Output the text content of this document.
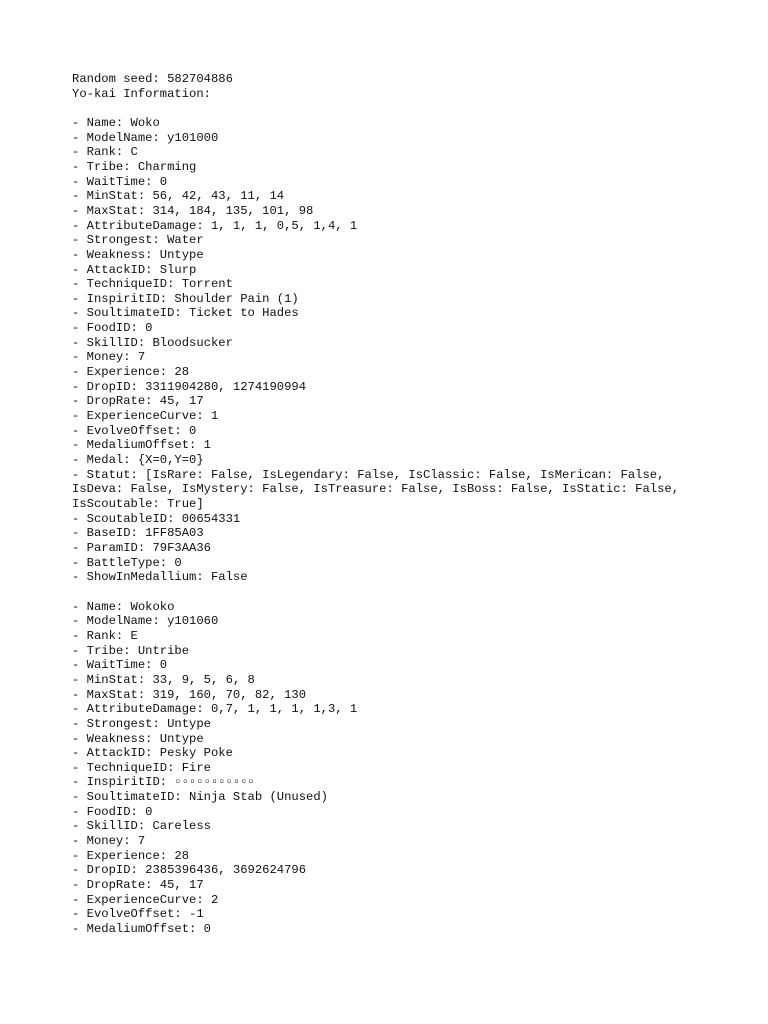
Random seed: 582704886
Yo-kai Information:
- Name: Woko
- ModelName: y101000
- Rank: C
- Tribe: Charming
- WaitTime: 0
- MinStat: 56, 42, 43, 11, 14
- MaxStat: 314, 184, 135, 101, 98
- AttributeDamage: 1, 1, 1, 0,5, 1,4, 1
- Strongest: Water
- Weakness: Untype
- AttackID: Slurp
- TechniqueID: Torrent
- InspiritID: Shoulder Pain (1)
- SoultimateID: Ticket to Hades
- FoodID: 0
- SkillID: Bloodsucker
- Money: 7
- Experience: 28
- DropID: 3311904280, 1274190994
- DropRate: 45, 17
- ExperienceCurve: 1
- EvolveOffset: 0
- MedaliumOffset: 1
- Medal: {X=0,Y=0}
- Statut: [IsRare: False, IsLegendary: False, IsClassic: False, IsMerican: False,
IsDeva: False, IsMystery: False, IsTreasure: False, IsBoss: False, IsStatic: False,
IsScoutable: True]
- ScoutableID: 00654331
- BaseID: 1FF85A03
- ParamID: 79F3AA36
- BattleType: 0
- ShowInMedallium: False
- Name: Wokoko
- ModelName: y101060
- Rank: E
- Tribe: Untribe
- WaitTime: 0
- MinStat: 33, 9, 5, 6, 8
- MaxStat: 319, 160, 70, 82, 130
- AttributeDamage: 0,7, 1, 1, 1, 1,3, 1
- Strongest: Untype
- Weakness: Untype
- AttackID: Pesky Poke
- TechniqueID: Fire
- InspiritID: ▫▫▫▫▫▫▫▫▫▫▫
- SoultimateID: Ninja Stab (Unused)
- FoodID: 0
- SkillID: Careless
- Money: 7
- Experience: 28
- DropID: 2385396436, 3692624796
- DropRate: 45, 17
- ExperienceCurve: 2
- EvolveOffset: -1
- MedaliumOffset: 0
